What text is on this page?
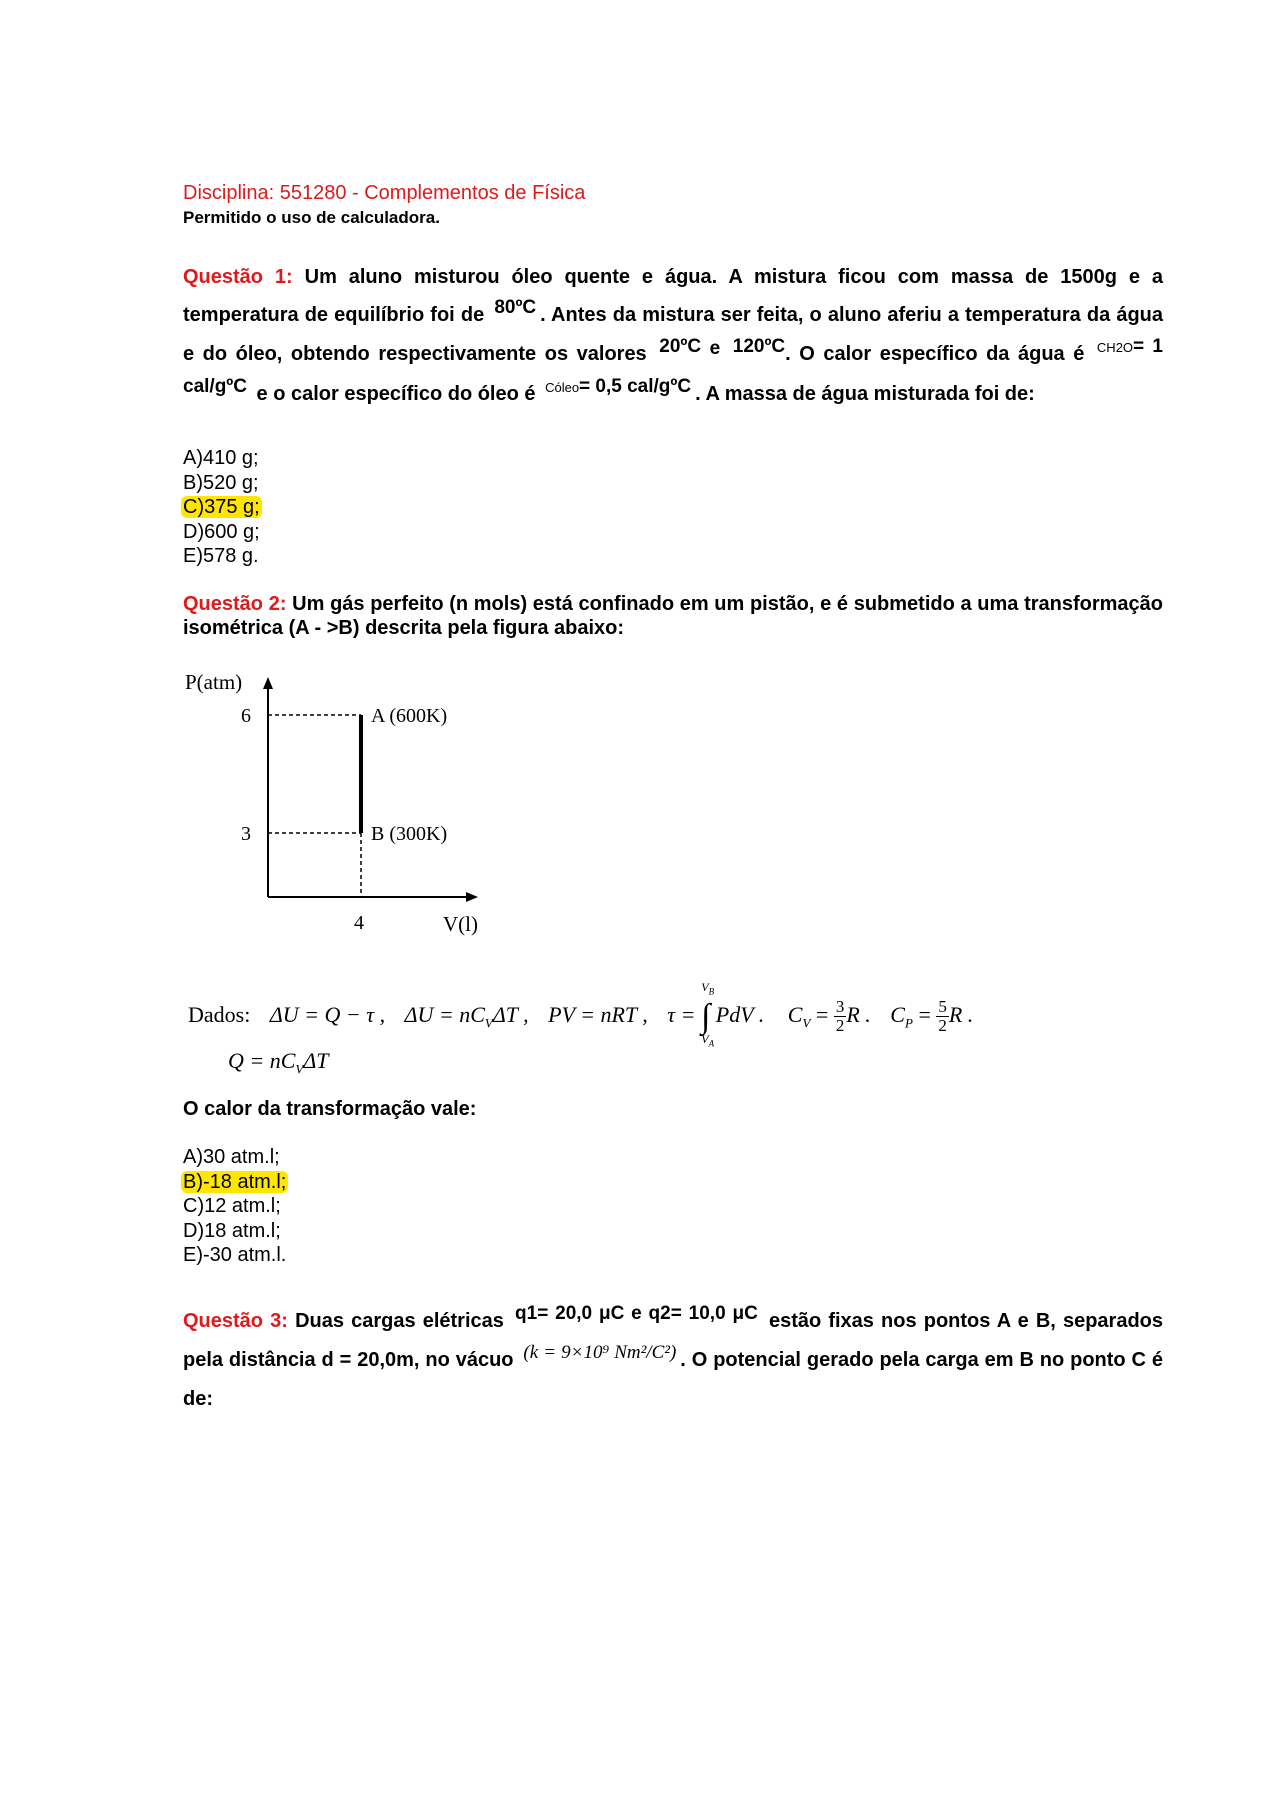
Disciplina: 551280 - Complementos de Física
Permitido o uso de calculadora.
Questão 1: Um aluno misturou óleo quente e água. A mistura ficou com massa de 1500g e a temperatura de equilíbrio foi de 80ºC . Antes da mistura ser feita, o aluno aferiu a temperatura da água e do óleo, obtendo respectivamente os valores 20ºC e 120ºC. O calor específico da água é CH2O= 1 cal/gºC e o calor específico do óleo é Cóleo= 0,5 cal/gºC . A massa de água misturada foi de:
A)410 g;
B)520 g;
C)375 g;
D)600 g;
E)578 g.
Questão 2: Um gás perfeito (n mols) está confinado em um pistão, e é submetido a uma transformação isométrica (A - >B) descrita pela figura abaixo:
P(atm)
6
3
A (600K)
B (300K)
4	V(l)
Dados: ΔU = Q − τ , $\Delta U = nC_V\Delta T$ , PV = nRT , τ =
$V_B$
∫
$V_A$
PdV . $C_V = \frac{3}{2}$ R . $C_P = \frac{5}{2}$ R .
$Q = nC_V\Delta T$
O calor da transformação vale:
A)30 atm.l;
B)-18 atm.l;
C)12 atm.l;
D)18 atm.l;
E)-30 atm.l.
Questão 3: Duas cargas elétricas q1= 20,0 μC e q2= 10,0 μC estão fixas nos pontos A e B, separados pela distância d = 20,0m, no vácuo (k = 9×10⁹ Nm²/C²) . O potencial gerado pela carga em B no ponto C é de:
